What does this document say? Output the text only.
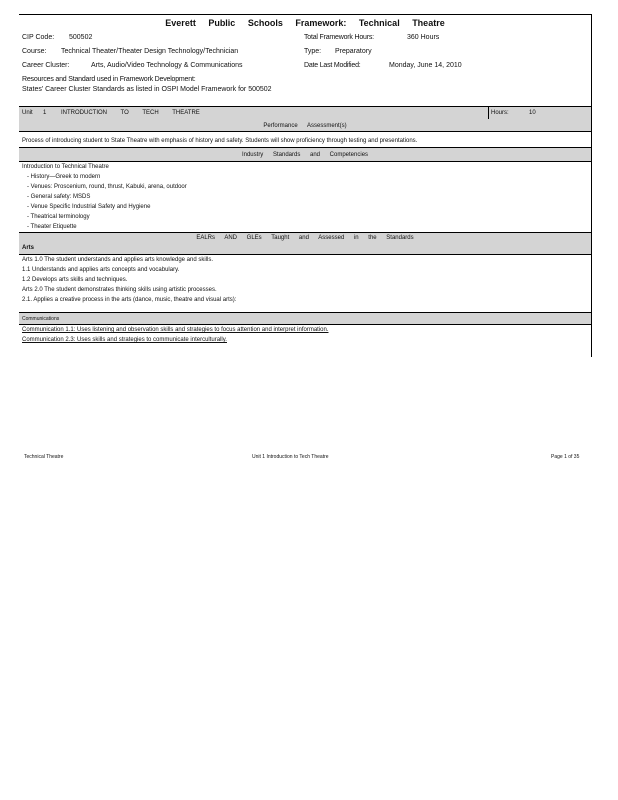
Everett Public Schools Framework: Technical Theatre
CIP Code: 500502	Total Framework Hours:	360 Hours
Course: Technical Theater/Theater Design Technology/Technician	Type: Preparatory
Career Cluster:	Arts, Audio/Video Technology & Communications	Date Last Modified:	Monday, June 14, 2010
Resources and Standard used in Framework Development:
States' Career Cluster Standards as listed in OSPI Model Framework for 500502
Unit 1 INTRODUCTION TO TECH THEATRE	Hours:	10
Performance Assessment(s)
Process of introducing student to State Theatre with emphasis of history and safety. Students will show proficiency through testing and presentations.
Industry Standards and Competencies
Introduction to Technical Theatre
- History—Greek to modern
- Venues: Proscenium, round, thrust, Kabuki, arena, outdoor
- General safety: MSDS
- Venue Specific Industrial Safety and Hygiene
- Theatrical terminology
- Theater Etiquette
EALRs AND GLEs Taught and Assessed in the Standards
Arts
Arts 1.0 The student understands and applies arts knowledge and skills.
1.1 Understands and applies arts concepts and vocabulary.
1.2 Develops arts skills and techniques.
Arts 2.0 The student demonstrates thinking skills using artistic processes.
2.1. Applies a creative process in the arts (dance, music, theatre and visual arts):
Communications
Communication 1.1: Uses listening and observation skills and strategies to focus attention and interpret information.
Communication 2.3: Uses skills and strategies to communicate interculturally.
Technical Theatre	Unit 1 Introduction to Tech Theatre	Page 1 of 35
